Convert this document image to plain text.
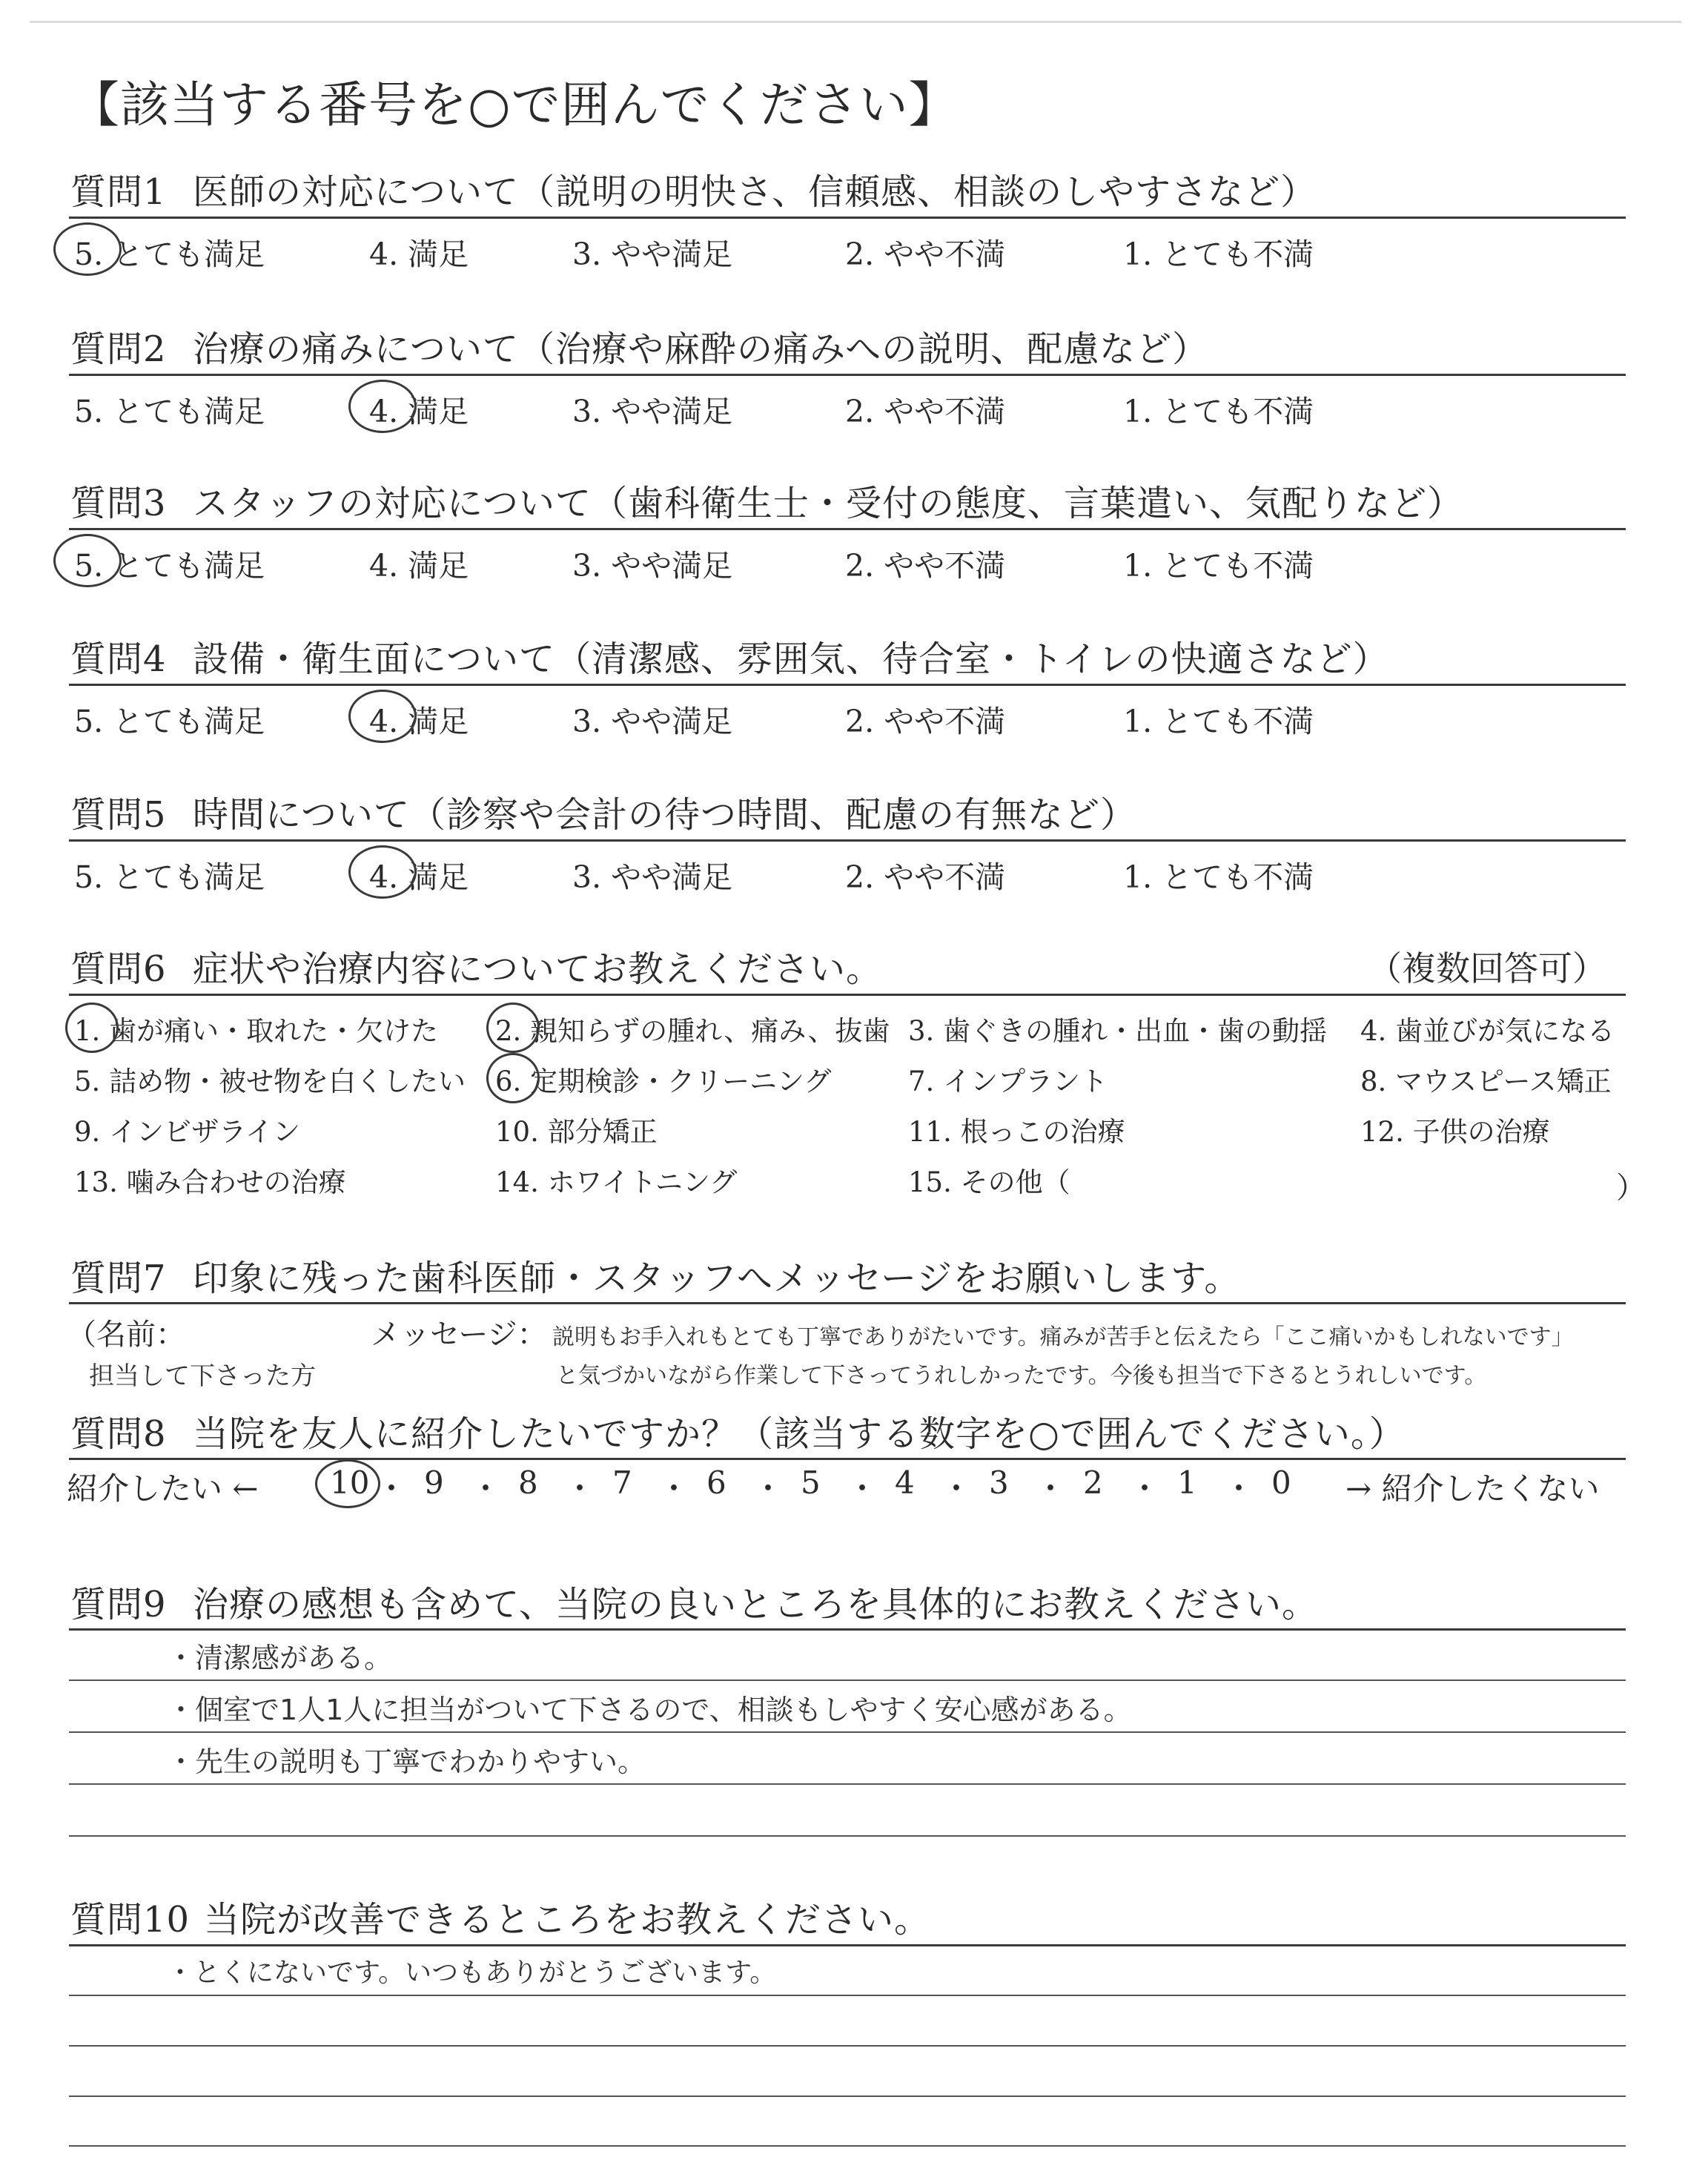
【該当する番号を○で囲んでください】
質問1 医師の対応について（説明の明快さ、信頼感、相談のしやすさなど）
5. とても満足	4. 満足	3. やや満足	2. やや不満	1. とても不満
質問2 治療の痛みについて（治療や麻酔の痛みへの説明、配慮など）
5. とても満足	4. 満足	3. やや満足	2. やや不満	1. とても不満
質問3 スタッフの対応について（歯科衛生士・受付の態度、言葉遣い、気配りなど）
5. とても満足	4. 満足	3. やや満足	2. やや不満	1. とても不満
質問4 設備・衛生面について（清潔感、雰囲気、待合室・トイレの快適さなど）
5. とても満足	4. 満足	3. やや満足	2. やや不満	1. とても不満
質問5 時間について（診察や会計の待つ時間、配慮の有無など）
5. とても満足	4. 満足	3. やや満足	2. やや不満	1. とても不満
質問6 症状や治療内容についてお教えください。	（複数回答可）
1. 歯が痛い・取れた・欠けた 2. 親知らずの腫れ、痛み、抜歯 3. 歯ぐきの腫れ・出血・歯の動揺 4. 歯並びが気になる
5. 詰め物・被せ物を白くしたい 6. 定期検診・クリーニング	7. インプラント	8. マウスピース矯正
9. インビザライン	10. 部分矯正	11. 根っこの治療	12. 子供の治療
13. 噛み合わせの治療	14. ホワイトニング	15. その他（	）
質問7 印象に残った歯科医師・スタッフへメッセージをお願いします。
（名前：
担当して下さった方
メッセージ： 説明もお手入れもとても丁寧でありがたいです。痛みが苦手と伝えたら「ここ痛いかもしれないです」
と気づかいながら作業して下さってうれしかったです。今後も担当で下さるとうれしいです。
質問8 当院を友人に紹介したいですか？（該当する数字を○で囲んでください。）
紹介したい ← 10 ・ 9 ・ 8 ・ 7 ・ 6 ・ 5 ・ 4 ・ 3 ・ 2 ・ 1 ・ 0 → 紹介したくない
質問9 治療の感想も含めて、当院の良いところを具体的にお教えください。
・清潔感がある。
・個室で1人1人に担当がついて下さるので、相談もしやすく安心感がある。
・先生の説明も丁寧でわかりやすい。
質問10 当院が改善できるところをお教えください。
・とくにないです。いつもありがとうございます。
